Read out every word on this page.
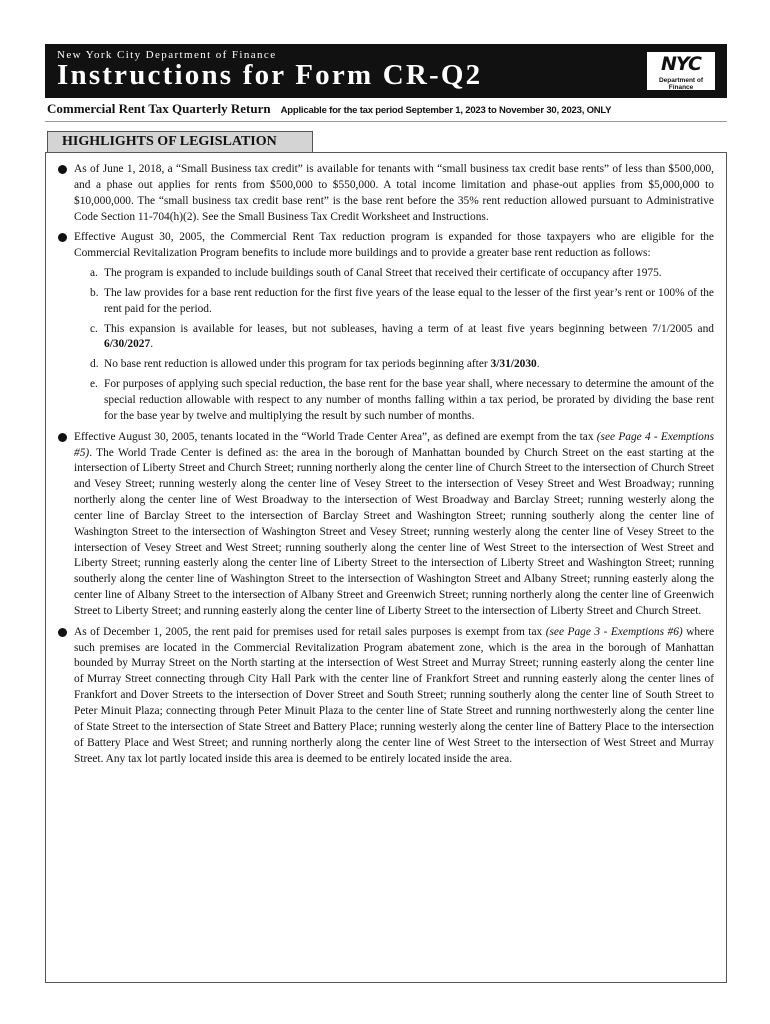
New York City Department of Finance
Instructions for Form CR-Q2	NYC
Department of Finance
Commercial Rent Tax Quarterly Return Applicable for the tax period September 1, 2023 to November 30, 2023, ONLY
HIGHLIGHTS OF LEGISLATION
As of June 1, 2018, a “Small Business tax credit” is available for tenants with “small business tax credit base rents” of less than $500,000, and a phase out applies for rents from $500,000 to $550,000. A total income limitation and phase-out applies from $5,000,000 to $10,000,000. The “small business tax credit base rent” is the base rent before the 35% rent reduction allowed pursuant to Administrative Code Section 11-704(h)(2). See the Small Business Tax Credit Worksheet and Instructions.
Effective August 30, 2005, the Commercial Rent Tax reduction program is expanded for those taxpayers who are eligible for the Commercial Revitalization Program benefits to include more buildings and to provide a greater base rent reduction as follows:
a. The program is expanded to include buildings south of Canal Street that received their certificate of occupancy after 1975.
b. The law provides for a base rent reduction for the first five years of the lease equal to the lesser of the first year’s rent or 100% of the rent paid for the period.
c. This expansion is available for leases, but not subleases, having a term of at least five years beginning between 7/1/2005 and 6/30/2027.
d. No base rent reduction is allowed under this program for tax periods beginning after 3/31/2030.
e. For purposes of applying such special reduction, the base rent for the base year shall, where necessary to determine the amount of the special reduction allowable with respect to any number of months falling within a tax period, be prorated by dividing the base rent for the base year by twelve and multiplying the result by such number of months.
Effective August 30, 2005, tenants located in the “World Trade Center Area”, as defined are exempt from the tax (see Page 4 - Exemptions #5). The World Trade Center is defined as: the area in the borough of Manhattan bounded by Church Street on the east starting at the intersection of Liberty Street and Church Street; running northerly along the center line of Church Street to the intersection of Church Street and Vesey Street; running westerly along the center line of Vesey Street to the intersection of Vesey Street and West Broadway; running northerly along the center line of West Broadway to the intersection of West Broadway and Barclay Street; running westerly along the center line of Barclay Street to the intersection of Barclay Street and Washington Street; running southerly along the center line of Washington Street to the intersection of Washington Street and Vesey Street; running westerly along the center line of Vesey Street to the intersection of Vesey Street and West Street; running southerly along the center line of West Street to the intersection of West Street and Liberty Street; running easterly along the center line of Liberty Street to the intersection of Liberty Street and Washington Street; running southerly along the center line of Washington Street to the intersection of Washington Street and Albany Street; running easterly along the center line of Albany Street to the intersection of Albany Street and Greenwich Street; running northerly along the center line of Greenwich Street to Liberty Street; and running easterly along the center line of Liberty Street to the intersection of Liberty Street and Church Street.
As of December 1, 2005, the rent paid for premises used for retail sales purposes is exempt from tax (see Page 3 - Exemptions #6) where such premises are located in the Commercial Revitalization Program abatement zone, which is the area in the borough of Manhattan bounded by Murray Street on the North starting at the intersection of West Street and Murray Street; running easterly along the center line of Murray Street connecting through City Hall Park with the center line of Frankfort Street and running easterly along the center lines of Frankfort and Dover Streets to the intersection of Dover Street and South Street; running southerly along the center line of South Street to Peter Minuit Plaza; connecting through Peter Minuit Plaza to the center line of State Street and running northwesterly along the center line of State Street to the intersection of State Street and Battery Place; running westerly along the center line of Battery Place to the intersection of Battery Place and West Street; and running northerly along the center line of West Street to the intersection of West Street and Murray Street. Any tax lot partly located inside this area is deemed to be entirely located inside the area.
